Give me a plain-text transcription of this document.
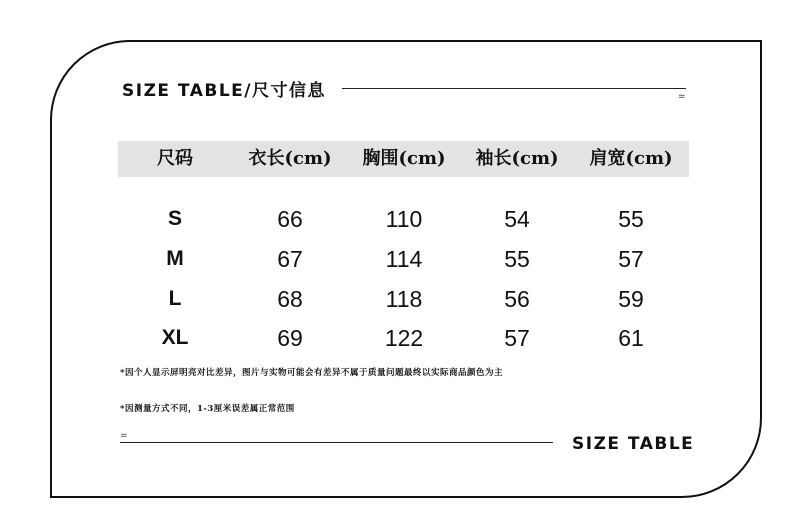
SIZE TABLE/尺寸信息	=
尺码	衣长(cm) 胸围(cm) 袖长(cm) 肩宽(cm)
S	66	110	54	55
M	67	114	55	57
L	68	118	56	59
XL	69	122	57	61
*因个人显示屏明亮对比差异，图片与实物可能会有差异不属于质量问题最终以实际商品颜色为主
*因测量方式不同，1-3厘米误差属正常范围
=	SIZE TABLE
